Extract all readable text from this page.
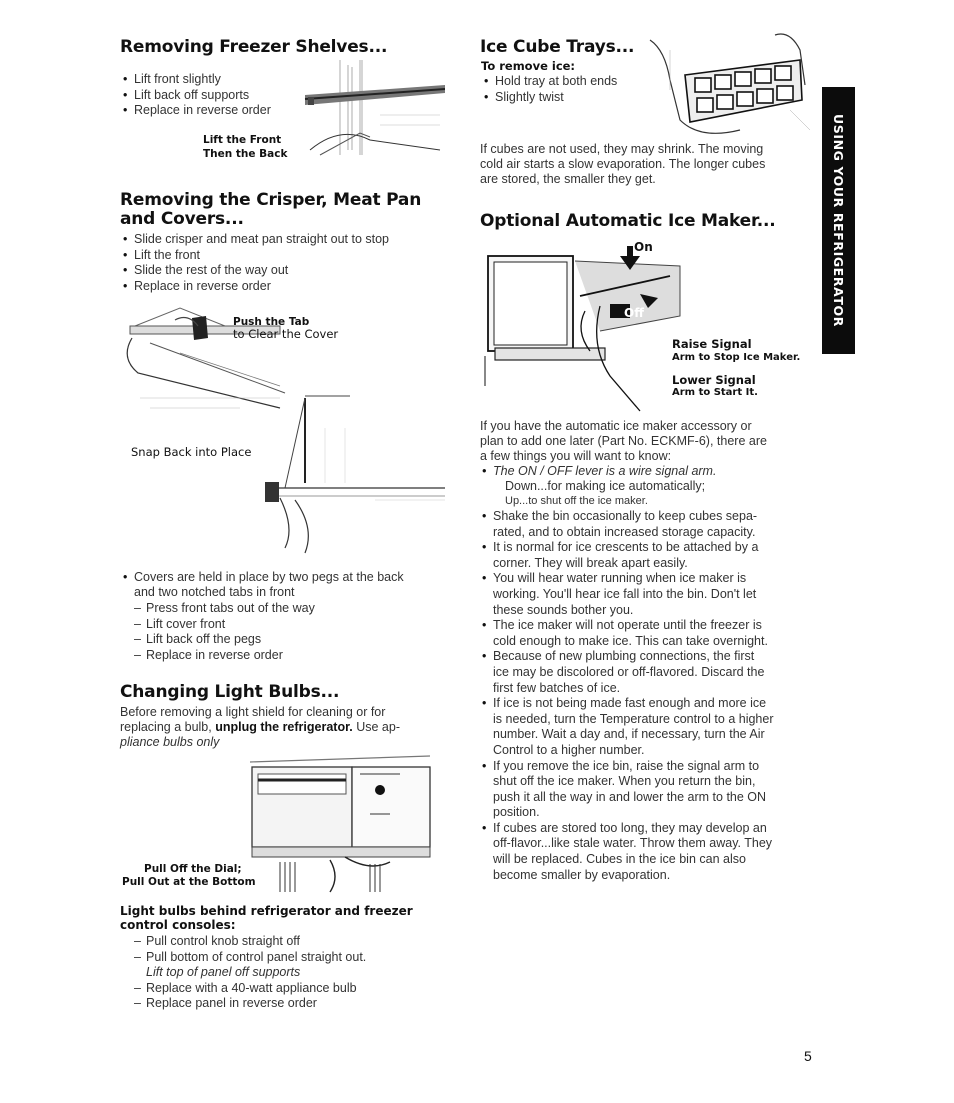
Removing Freezer Shelves...
• Lift front slightly
• Lift back off supports
• Replace in reverse order
Lift the Front
Then the Back
Removing the Crisper, Meat Pan
and Covers...
• Slide crisper and meat pan straight out to stop
• Lift the front
• Slide the rest of the way out
• Replace in reverse order
Push the Tab
to Clear the Cover
Snap Back into Place
• Covers are held in place by two pegs at the back
and two notched tabs in front
– Press front tabs out of the way
– Lift cover front
– Lift back off the pegs
– Replace in reverse order
Changing Light Bulbs...
Before removing a light shield for cleaning or for
replacing a bulb, unplug the refrigerator. Use ap-
pliance bulbs only
Pull Off the Dial;
Pull Out at the Bottom
Light bulbs behind refrigerator and freezer
control consoles:
– Pull control knob straight off
– Pull bottom of control panel straight out.
Lift top of panel off supports
– Replace with a 40-watt appliance bulb
– Replace panel in reverse order
Ice Cube Trays...
To remove ice:
• Hold tray at both ends
• Slightly twist
If cubes are not used, they may shrink. The moving
cold air starts a slow evaporation. The longer cubes
are stored, the smaller they get.
Optional Automatic Ice Maker...
On
Off
Raise Signal
Arm to Stop Ice Maker.
Lower Signal
Arm to Start It.
If you have the automatic ice maker accessory or
plan to add one later (Part No. ECKMF-6), there are
a few things you will want to know:
• The ON / OFF lever is a wire signal arm.
Down...for making ice automatically;
Up...to shut off the ice maker.
• Shake the bin occasionally to keep cubes sepa-
rated, and to obtain increased storage capacity.
• It is normal for ice crescents to be attached by a
corner. They will break apart easily.
• You will hear water running when ice maker is
working. You'll hear ice fall into the bin. Don't let
these sounds bother you.
• The ice maker will not operate until the freezer is
cold enough to make ice. This can take overnight.
• Because of new plumbing connections, the first
ice may be discolored or off-flavored. Discard the
first few batches of ice.
• If ice is not being made fast enough and more ice
is needed, turn the Temperature control to a higher
number. Wait a day and, if necessary, turn the Air
Control to a higher number.
• If you remove the ice bin, raise the signal arm to
shut off the ice maker. When you return the bin,
push it all the way in and lower the arm to the ON
position.
• If cubes are stored too long, they may develop an
off-flavor...like stale water. Throw them away. They
will be replaced. Cubes in the ice bin can also
become smaller by evaporation.
USING YOUR REFRIGERATOR
5
